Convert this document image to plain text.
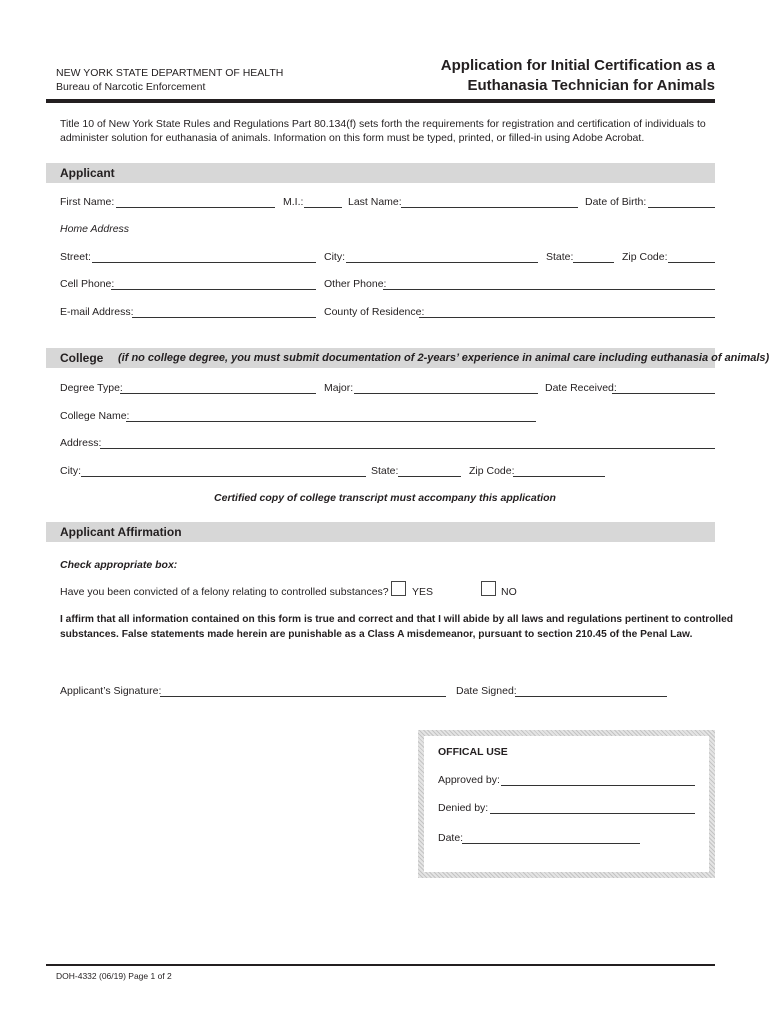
NEW YORK STATE DEPARTMENT OF HEALTH
Bureau of Narcotic Enforcement
Application for Initial Certification as a
Euthanasia Technician for Animals
Title 10 of New York State Rules and Regulations Part 80.134(f) sets forth the requirements for registration and certification of individuals to
administer solution for euthanasia of animals. Information on this form must be typed, printed, or filled-in using Adobe Acrobat.
Applicant
First Name:	M.I.:	Last Name:	Date of Birth:
Home Address
Street:	City:	State:	Zip Code:
Cell Phone:	Other Phone:
E-mail Address:	County of Residence:
College (if no college degree, you must submit documentation of 2-years’ experience in animal care including euthanasia of animals)
Degree Type:	Major:	Date Received:
College Name:
Address:
City:	State:	Zip Code:
Certified copy of college transcript must accompany this application
Applicant Affirmation
Check appropriate box:
Have you been convicted of a felony relating to controlled substances? YES	NO
I affirm that all information contained on this form is true and correct and that I will abide by all laws and regulations pertinent to controlled
substances. False statements made herein are punishable as a Class A misdemeanor, pursuant to section 210.45 of the Penal Law.
Applicant’s Signature:	Date Signed:
OFFICAL USE
Approved by:
Denied by:
Date:
DOH-4332 (06/19) Page 1 of 2
